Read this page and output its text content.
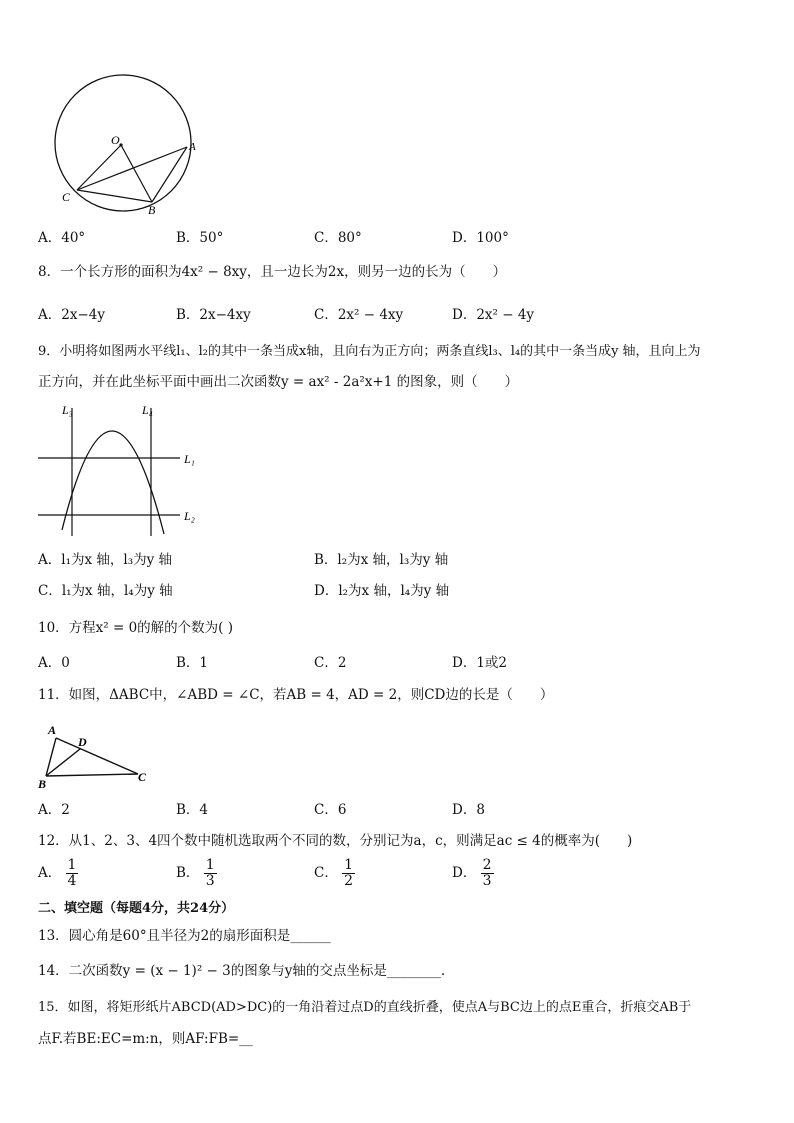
O	A
C
B
A．40°	B．50°	C．80°	D．100°
8．一个长方形的面积为4x² − 8xy，且一边长为2x，则另一边的长为（　　）
A．2x−4y	B．2x−4xy	C．2x² − 4xy	D．2x² − 4y
9．小明将如图两水平线l₁、l₂的其中一条当成x轴，且向右为正方向；两条直线l₃、l₄的其中一条当成y 轴，且向上为
正方向，并在此坐标平面中画出二次函数y = ax² - 2a²x+1 的图象，则（　　）
L₃	L₄
L₁
L₂
A．l₁为x 轴，l₃为y 轴	B．l₂为x 轴，l₃为y 轴
C．l₁为x 轴，l₄为y 轴	D．l₂为x 轴，l₄为y 轴
10．方程x² = 0的解的个数为( )
A．0	B．1	C．2	D．1或2
11．如图，ΔABC中，∠ABD = ∠C，若AB = 4，AD = 2，则CD边的长是（　　）
A
D
B	C
A．2	B．4	C．6	D．8
12．从1、2、3、4四个数中随机选取两个不同的数，分别记为a，c，则满足ac ≤ 4的概率为(　　)
A． $\frac{1}{4}$	B． $\frac{1}{3}$	C． $\frac{1}{2}$	D． $\frac{2}{3}$
二、填空题（每题4分，共24分）
13．圆心角是60°且半径为2的扇形面积是______
14．二次函数y = (x − 1)² − 3的图象与y轴的交点坐标是________.
15．如图，将矩形纸片ABCD(AD>DC)的一角沿着过点D的直线折叠，使点A与BC边上的点E重合，折痕交AB于
点F.若BE:EC=m:n，则AF:FB=__
